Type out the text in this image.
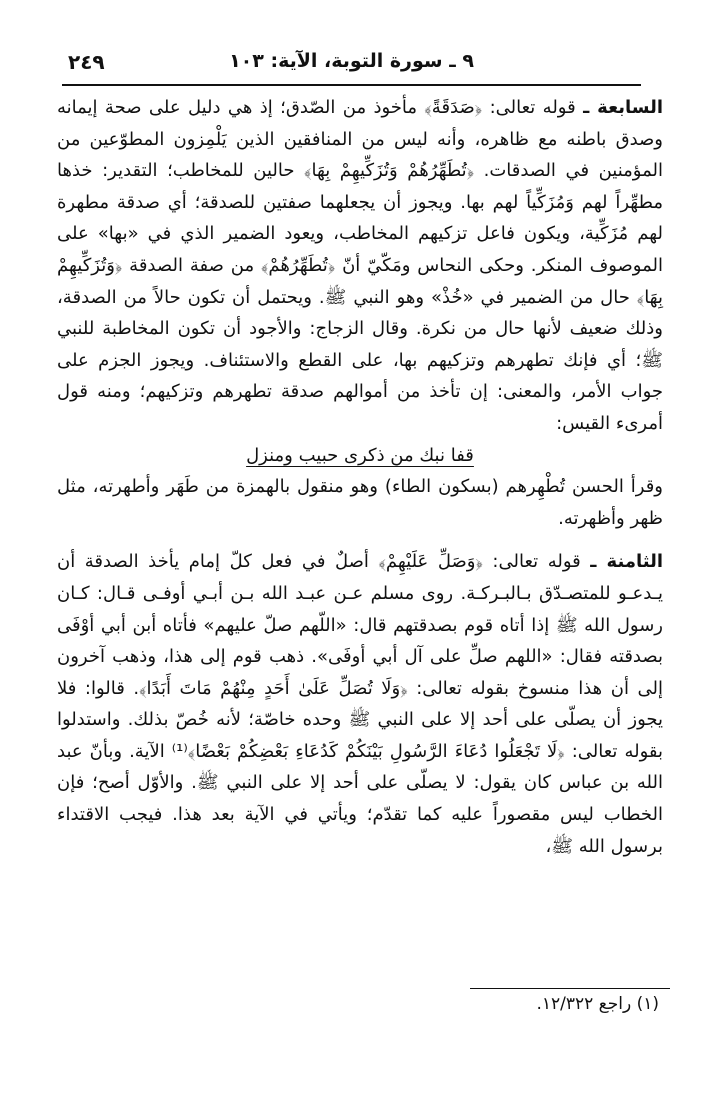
٢٤٩	٩ ـ سورة التوبة، الآية: ١٠٣

السابعة ـ قوله تعالى: ﴿صَدَقَةً﴾ مأخوذ من الصّدق؛ إذ هي دليل على صحة إيمانه وصدق باطنه مع ظاهره، وأنه ليس من المنافقين الذين يَلْمِزون المطوّعين من المؤمنين في الصدقات. ﴿تُطَهِّرُهُمْ وَتُزَكِّيهِمْ بِهَا﴾ حالين للمخاطب؛ التقدير: خذها مطهِّراً لهم وَمُزَكِّياً لهم بها. ويجوز أن يجعلهما صفتين للصدقة؛ أي صدقة مطهرة لهم مُزَكِّية، ويكون فاعل تزكيهم المخاطب، ويعود الضمير الذي في «بها» على الموصوف المنكر. وحكى النحاس ومَكّيّ أنّ ﴿تُطَهِّرُهُمْ﴾ من صفة الصدقة ﴿وَتُزَكِّيهِمْ بِهَا﴾ حال من الضمير في «خُذْ» وهو النبي ﷺ. ويحتمل أن تكون حالاً من الصدقة، وذلك ضعيف لأنها حال من نكرة. وقال الزجاج: والأجود أن تكون المخاطبة للنبي ﷺ؛ أي فإنك تطهرهم وتزكيهم بها، على القطع والاستئناف. ويجوز الجزم على جواب الأمر، والمعنى: إن تأخذ من أموالهم صدقة تطهرهم وتزكيهم؛ ومنه قول أمرىء القيس:

قفا نبك من ذكرى حبيب ومنزل

وقرأ الحسن تُطْهِرهم (بسكون الطاء) وهو منقول بالهمزة من طَهَر وأطهرته، مثل ظهر وأظهرته.

الثامنة ـ قوله تعالى: ﴿وَصَلِّ عَلَيْهِمْ﴾ أصلٌ في فعل كلّ إمام يأخذ الصدقة أن يـدعـو للمتصـدّق بـالبـركـة. روى مسلم عـن عبـد الله بـن أبـي أوفـى قـال: كـان رسول الله ﷺ إذا أتاه قوم بصدقتهم قال: «اللّهم صلّ عليهم» فأتاه أبن أبي أوْفَى بصدقته فقال: «اللهم صلِّ على آل أبي أوفَى». ذهب قوم إلى هذا، وذهب آخرون إلى أن هذا منسوخ بقوله تعالى: ﴿وَلَا تُصَلِّ عَلَىٰ أَحَدٍ مِنْهُمْ مَاتَ أَبَدًا﴾. قالوا: فلا يجوز أن يصلّى على أحد إلا على النبي ﷺ وحده خاصّة؛ لأنه خُصّ بذلك. واستدلوا بقوله تعالى: ﴿لَا تَجْعَلُوا دُعَاءَ الرَّسُولِ بَيْنَكُمْ كَدُعَاءِ بَعْضِكُمْ بَعْضًا﴾⁽¹⁾ الآية. وبأنّ عبد الله بن عباس كان يقول: لا يصلّى على أحد إلا على النبي ﷺ. والأوّل أصح؛ فإن الخطاب ليس مقصوراً عليه كما تقدّم؛ ويأتي في الآية بعد هذا. فيجب الاقتداء برسول الله ﷺ،

(١) راجع ١٢/٣٢٢.
